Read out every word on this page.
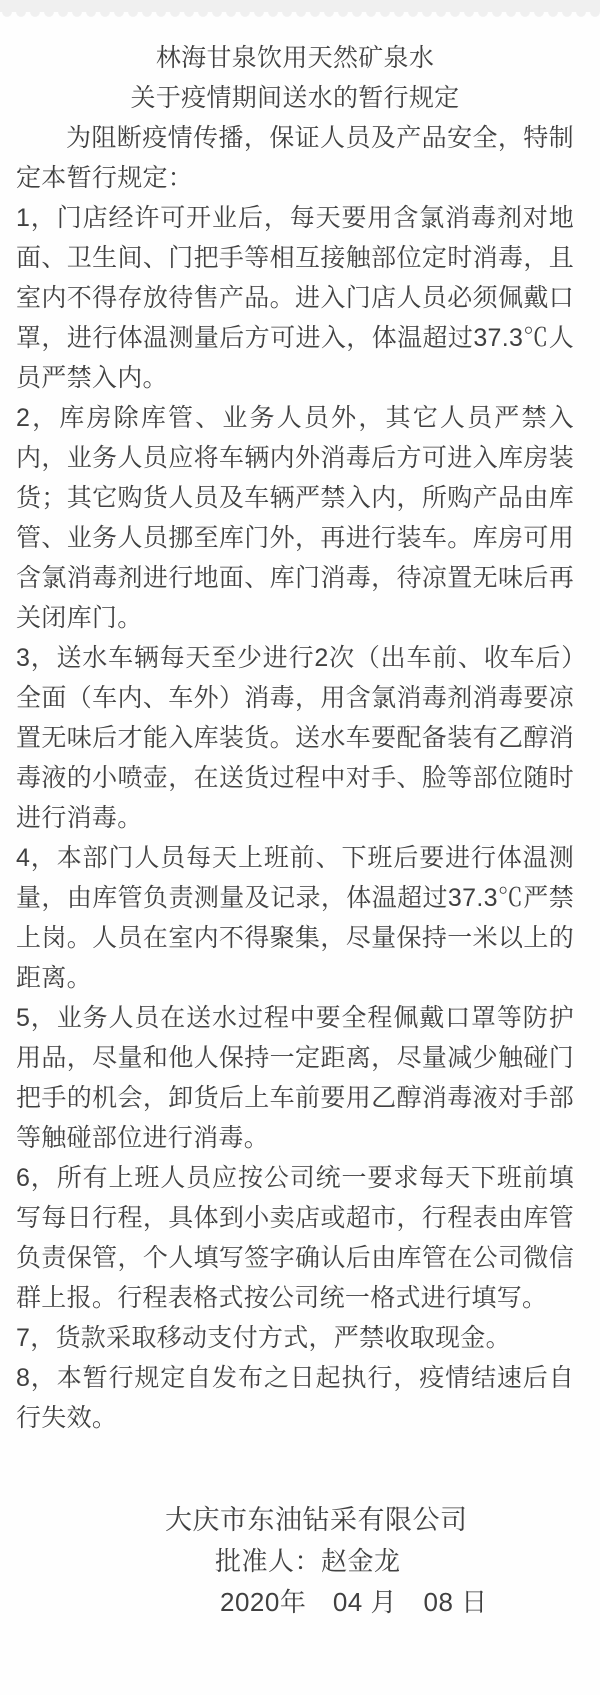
林海甘泉饮用天然矿泉水
关于疫情期间送水的暂行规定

为阻断疫情传播，保证人员及产品安全，特制定本暂行规定：

1，门店经许可开业后，每天要用含氯消毒剂对地面、卫生间、门把手等相互接触部位定时消毒，且室内不得存放待售产品。进入门店人员必须佩戴口罩，进行体温测量后方可进入，体温超过37.3℃人员严禁入内。

2，库房除库管、业务人员外，其它人员严禁入内，业务人员应将车辆内外消毒后方可进入库房装货；其它购货人员及车辆严禁入内，所购产品由库管、业务人员挪至库门外，再进行装车。库房可用含氯消毒剂进行地面、库门消毒，待凉置无味后再关闭库门。

3，送水车辆每天至少进行2次（出车前、收车后）全面（车内、车外）消毒，用含氯消毒剂消毒要凉置无味后才能入库装货。送水车要配备装有乙醇消毒液的小喷壶，在送货过程中对手、脸等部位随时进行消毒。

4，本部门人员每天上班前、下班后要进行体温测量，由库管负责测量及记录，体温超过37.3℃严禁上岗。人员在室内不得聚集，尽量保持一米以上的距离。

5，业务人员在送水过程中要全程佩戴口罩等防护用品，尽量和他人保持一定距离，尽量减少触碰门把手的机会，卸货后上车前要用乙醇消毒液对手部等触碰部位进行消毒。

6，所有上班人员应按公司统一要求每天下班前填写每日行程，具体到小卖店或超市，行程表由库管负责保管，个人填写签字确认后由库管在公司微信群上报。行程表格式按公司统一格式进行填写。

7，货款采取移动支付方式，严禁收取现金。

8，本暂行规定自发布之日起执行，疫情结速后自行失效。

大庆市东油钻采有限公司
批准人：赵金龙
2020年　04 月　08 日
